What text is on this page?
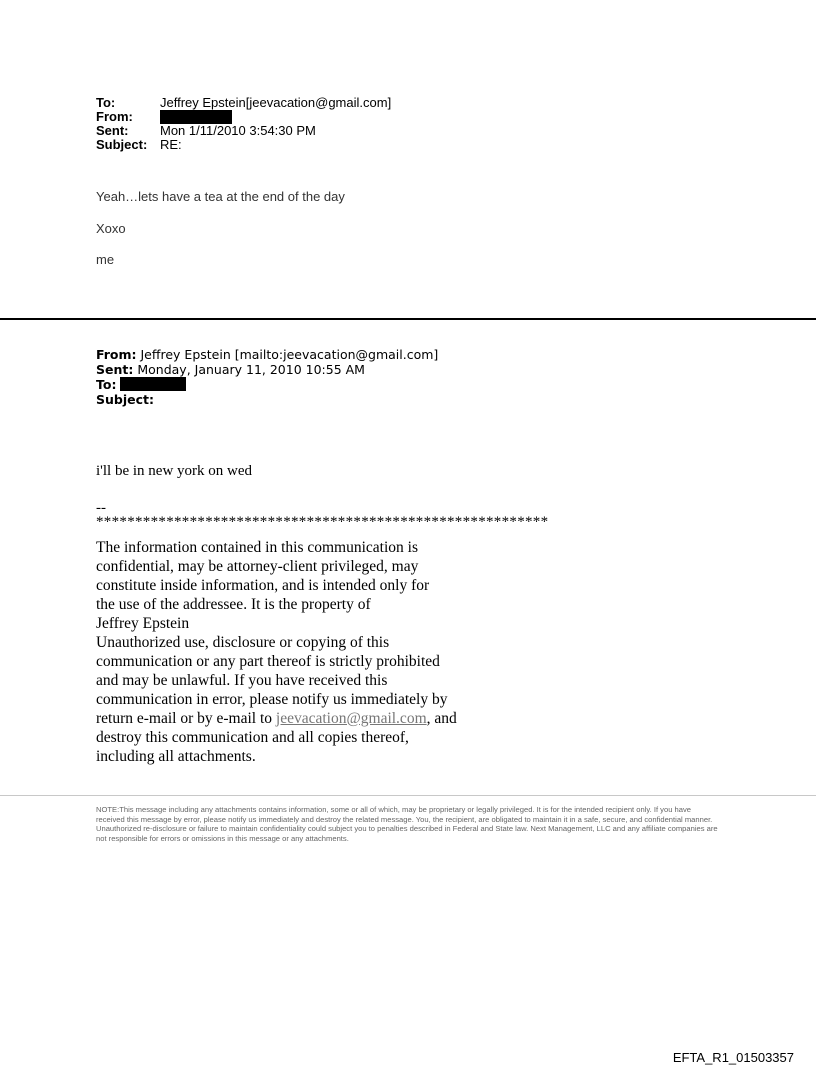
To:	Jeffrey Epstein[jeevacation@gmail.com]
From:
Sent:	Mon 1/11/2010 3:54:30 PM
Subject: RE:
Yeah…lets have a tea at the end of the day
Xoxo
me
From: Jeffrey Epstein [mailto:jeevacation@gmail.com]
Sent: Monday, January 11, 2010 10:55 AM
To:
Subject:
i'll be in new york on wed
--
**********************************************************
The information contained in this communication is
confidential, may be attorney-client privileged, may
constitute inside information, and is intended only for
the use of the addressee. It is the property of
Jeffrey Epstein
Unauthorized use, disclosure or copying of this
communication or any part thereof is strictly prohibited
and may be unlawful. If you have received this
communication in error, please notify us immediately by
return e-mail or by e-mail to jeevacation@gmail.com, and
destroy this communication and all copies thereof,
including all attachments.
NOTE:This message including any attachments contains information, some or all of which, may be proprietary or legally privileged. It is for the intended recipient only. If you have received this message by error, please notify us immediately and destroy the related message. You, the recipient, are obligated to maintain it in a safe, secure, and confidential manner. Unauthorized re-disclosure or failure to maintain confidentiality could subject you to penalties described in Federal and State law. Next Management, LLC and any affiliate companies are not responsible for errors or omissions in this message or any attachments.
EFTA_R1_01503357
